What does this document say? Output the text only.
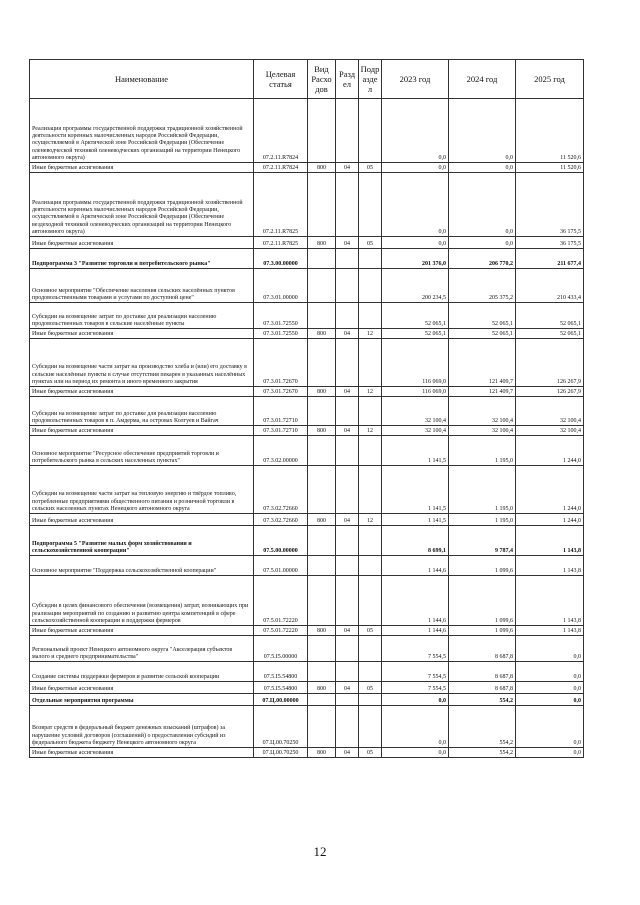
Наименование	Целевая статья	Вид Расхо дов	Разд ел	Подр азде л	2023 год	2024 год	2025 год
Реализация программы государственной поддержки традиционной хозяйственной деятельности коренных малочисленных народов Российской Федерации, осуществляемой в Арктической зоне Российской Федерации (Обеспечение оленеводческой техникой оленеводческих организаций на территории Ненецкого автономного округа)	07.2.11.R7824				0,0	0,0	11 520,6
Иные бюджетные ассигнования	07.2.11.R7824	800	04	05	0,0	0,0	11 520,6
Реализация программы государственной поддержки традиционной хозяйственной деятельности коренных малочисленных народов Российской Федерации, осуществляемой в Арктической зоне Российской Федерации (Обеспечение вездеходной техникой оленеводческих организаций на территории Ненецкого автономного округа)	07.2.11.R7825				0,0	0,0	36 175,5
Иные бюджетные ассигнования	07.2.11.R7825	800	04	05	0,0	0,0	36 175,5
Подпрограмма 3 "Развитие торговли и потребительского рынка"	07.3.00.00000				201 376,0	206 770,2	211 677,4
Основное мероприятие "Обеспечение населения сельских населённых пунктов продовольственными товарами и услугами по доступной цене"	07.3.01.00000				200 234,5	205 375,2	210 433,4
Субсидии на возмещение затрат по доставке для реализации населению продовольственных товаров в сельские населённые пункты	07.3.01.72550				52 065,1	52 065,1	52 065,1
Иные бюджетные ассигнования	07.3.01.72550	800	04	12	52 065,1	52 065,1	52 065,1
Субсидии на возмещение части затрат на производство хлеба и (или) его доставку в сельские населённые пункты в случае отсутствия пекарен в указанных населённых пунктах или на период их ремонта и иного временного закрытия	07.3.01.72670				116 069,0	121 409,7	126 267,9
Иные бюджетные ассигнования	07.3.01.72670	800	04	12	116 069,0	121 409,7	126 267,9
Субсидии на возмещение затрат по доставке для реализации населению продовольственных товаров в п. Амдерма, на островах Колгуев и Вайгач	07.3.01.72710				32 100,4	32 100,4	32 100,4
Иные бюджетные ассигнования	07.3.01.72710	800	04	12	32 100,4	32 100,4	32 100,4
Основное мероприятие "Ресурсное обеспечение предприятий торговли и потребительского рынка в сельских населенных пунктах"	07.3.02.00000				1 141,5	1 195,0	1 244,0
Субсидии на возмещение части затрат на тепловую энергию и твёрдое топливо, потребленные предприятиями общественного питания и розничной торговли в сельских населенных пунктах Ненецкого автономного округа	07.3.02.72660				1 141,5	1 195,0	1 244,0
Иные бюджетные ассигнования	07.3.02.72660	800	04	12	1 141,5	1 195,0	1 244,0
Подпрограмма 5 "Развитие малых форм хозяйствования и сельскохозяйственной кооперации"	07.5.00.00000				8 699,1	9 787,4	1 143,8
Основное мероприятие "Поддержка сельскохозяйственной кооперации"	07.5.01.00000				1 144,6	1 099,6	1 143,8
Субсидии в целях финансового обеспечения (возмещения) затрат, возникающих при реализации мероприятий по созданию и развитию центра компетенций в сфере сельскохозяйственной кооперации и поддержки фермеров	07.5.01.72220				1 144,6	1 099,6	1 143,8
Иные бюджетные ассигнования	07.5.01.72220	800	04	05	1 144,6	1 099,6	1 143,8
Региональный проект Ненецкого автономного округа "Акселерация субъектов малого и среднего предпринимательства"	07.5.I5.00000				7 554,5	8 687,8	0,0
Создание системы поддержки фермеров и развитие сельской кооперации	07.5.I5.54800				7 554,5	8 687,8	0,0
Иные бюджетные ассигнования	07.5.I5.54800	800	04	05	7 554,5	8 687,8	0,0
Отдельные мероприятия программы	07.Ц.00.00000				0,0	554,2	0,0
Возврат средств в федеральный бюджет денежных взысканий (штрафов) за нарушение условий договоров (соглашений) о предоставлении субсидий из федерального бюджета бюджету Ненецкого автономного округа	07.Ц.00.70250				0,0	554,2	0,0
Иные бюджетные ассигнования	07.Ц.00.70250	800	04	05	0,0	554,2	0,0
12
